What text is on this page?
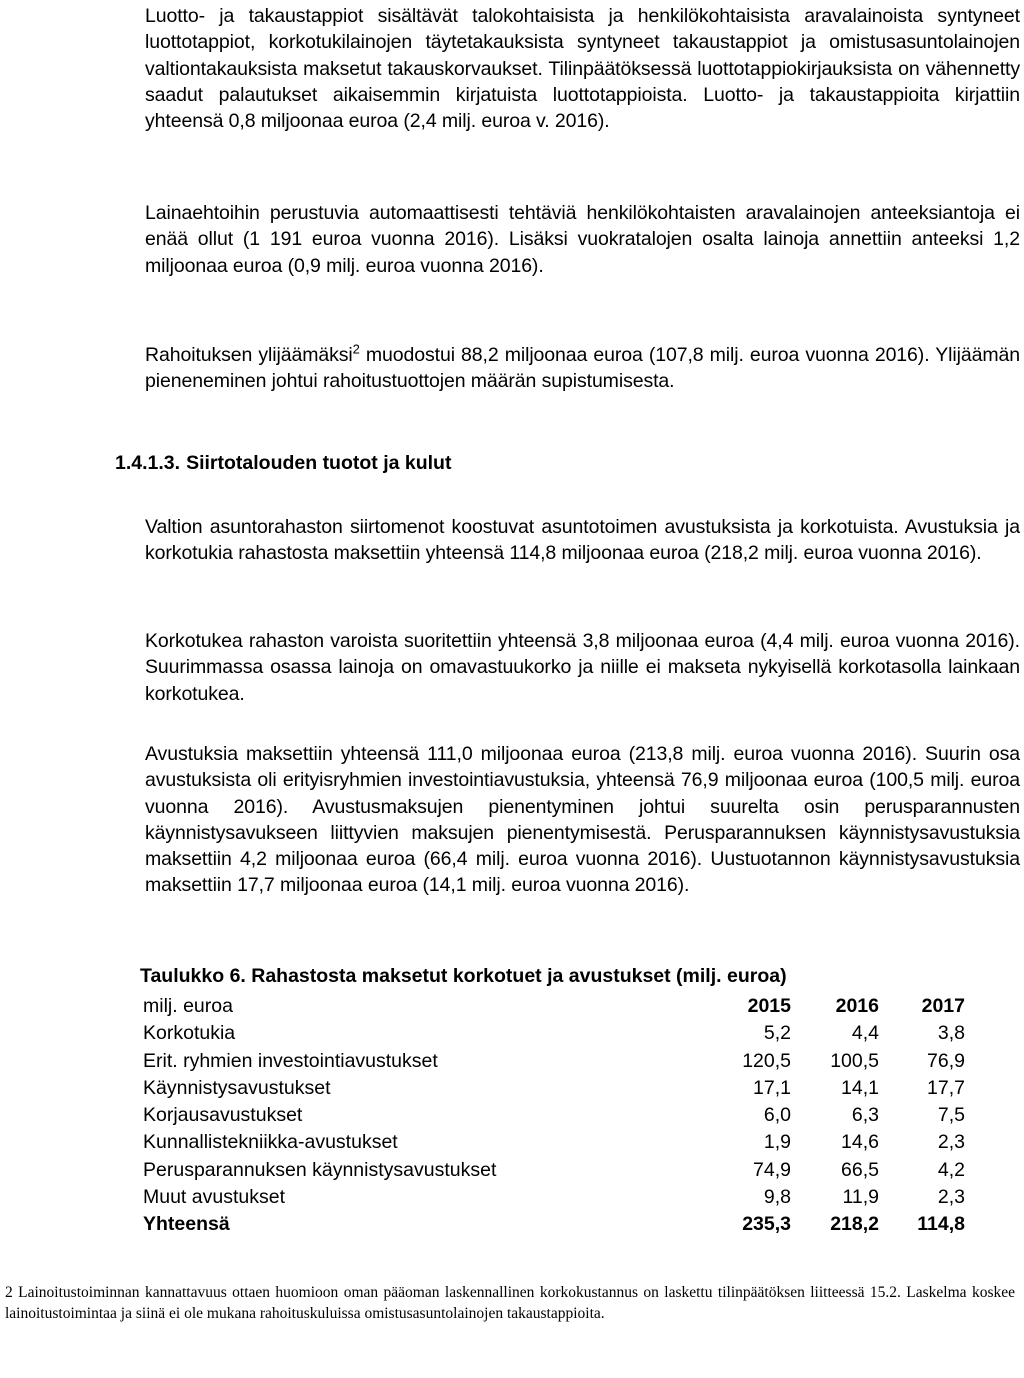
Luotto- ja takaustappiot sisältävät talokohtaisista ja henkilökohtaisista aravalainoista syntyneet luottotappiot, korkotukilainojen täytetakauksista syntyneet takaustappiot ja omistusasuntolainojen valtiontakauksista maksetut takauskorvaukset. Tilinpäätöksessä luottotappiokirjauksista on vähennetty saadut palautukset aikaisemmin kirjatuista luottotappioista. Luotto- ja takaustappioita kirjattiin yhteensä 0,8 miljoonaa euroa (2,4 milj. euroa v. 2016).

Lainaehtoihin perustuvia automaattisesti tehtäviä henkilökohtaisten aravalainojen anteeksiantoja ei enää ollut (1 191 euroa vuonna 2016). Lisäksi vuokratalojen osalta lainoja annettiin anteeksi 1,2 miljoonaa euroa (0,9 milj. euroa vuonna 2016).

Rahoituksen ylijäämäksi$^2$ muodostui 88,2 miljoonaa euroa (107,8 milj. euroa vuonna 2016). Ylijäämän pieneneminen johtui rahoitustuottojen määrän supistumisesta.

1.4.1.3. Siirtotalouden tuotot ja kulut

Valtion asuntorahaston siirtomenot koostuvat asuntotoimen avustuksista ja korkotuista. Avustuksia ja korkotukia rahastosta maksettiin yhteensä 114,8 miljoonaa euroa (218,2 milj. euroa vuonna 2016).

Korkotukea rahaston varoista suoritettiin yhteensä 3,8 miljoonaa euroa (4,4 milj. euroa vuonna 2016). Suurimmassa osassa lainoja on omavastuukorko ja niille ei makseta nykyisellä korkotasolla lainkaan korkotukea.

Avustuksia maksettiin yhteensä 111,0 miljoonaa euroa (213,8 milj. euroa vuonna 2016). Suurin osa avustuksista oli erityisryhmien investointiavustuksia, yhteensä 76,9 miljoonaa euroa (100,5 milj. euroa vuonna 2016). Avustusmaksujen pienentyminen johtui suurelta osin perusparannusten käynnistysavukseen liittyvien maksujen pienentymisestä. Perusparannuksen käynnistysavustuksia maksettiin 4,2 miljoonaa euroa (66,4 milj. euroa vuonna 2016). Uustuotannon käynnistysavustuksia maksettiin 17,7 miljoonaa euroa (14,1 milj. euroa vuonna 2016).

Taulukko 6. Rahastosta maksetut korkotuet ja avustukset (milj. euroa)
milj. euroa	2015	2016	2017
Korkotukia	5,2	4,4	3,8
Erit. ryhmien investointiavustukset	120,5	100,5	76,9
Käynnistysavustukset	17,1	14,1	17,7
Korjausavustukset	6,0	6,3	7,5
Kunnallistekniikka-avustukset	1,9	14,6	2,3
Perusparannuksen käynnistysavustukset	74,9	66,5	4,2
Muut avustukset	9,8	11,9	2,3
Yhteensä	235,3	218,2	114,8

2 Lainoitustoiminnan kannattavuus ottaen huomioon oman pääoman laskennallinen korkokustannus on laskettu tilinpäätöksen liitteessä 15.2. Laskelma koskee lainoitustoimintaa ja siinä ei ole mukana rahoituskuluissa omistusasuntolainojen takaustappioita.
